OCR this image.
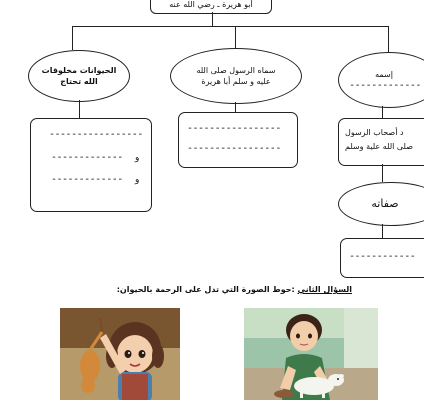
أبو هريرة ـ رضي الله عنه
الحيوانات مخلوقات
الله تحتاج
-----------------
------------- و
------------- و
سماه الرسول صلى الله
عليه و سلم أبا هريرة
-----------------
-----------------
إسمه
-------------
د أصحاب الرسول
صلى الله علية وسلم
صفاته
------------
السؤال الثاني :حوط الصورة التي تدل على الرحمة بالحيوان:
